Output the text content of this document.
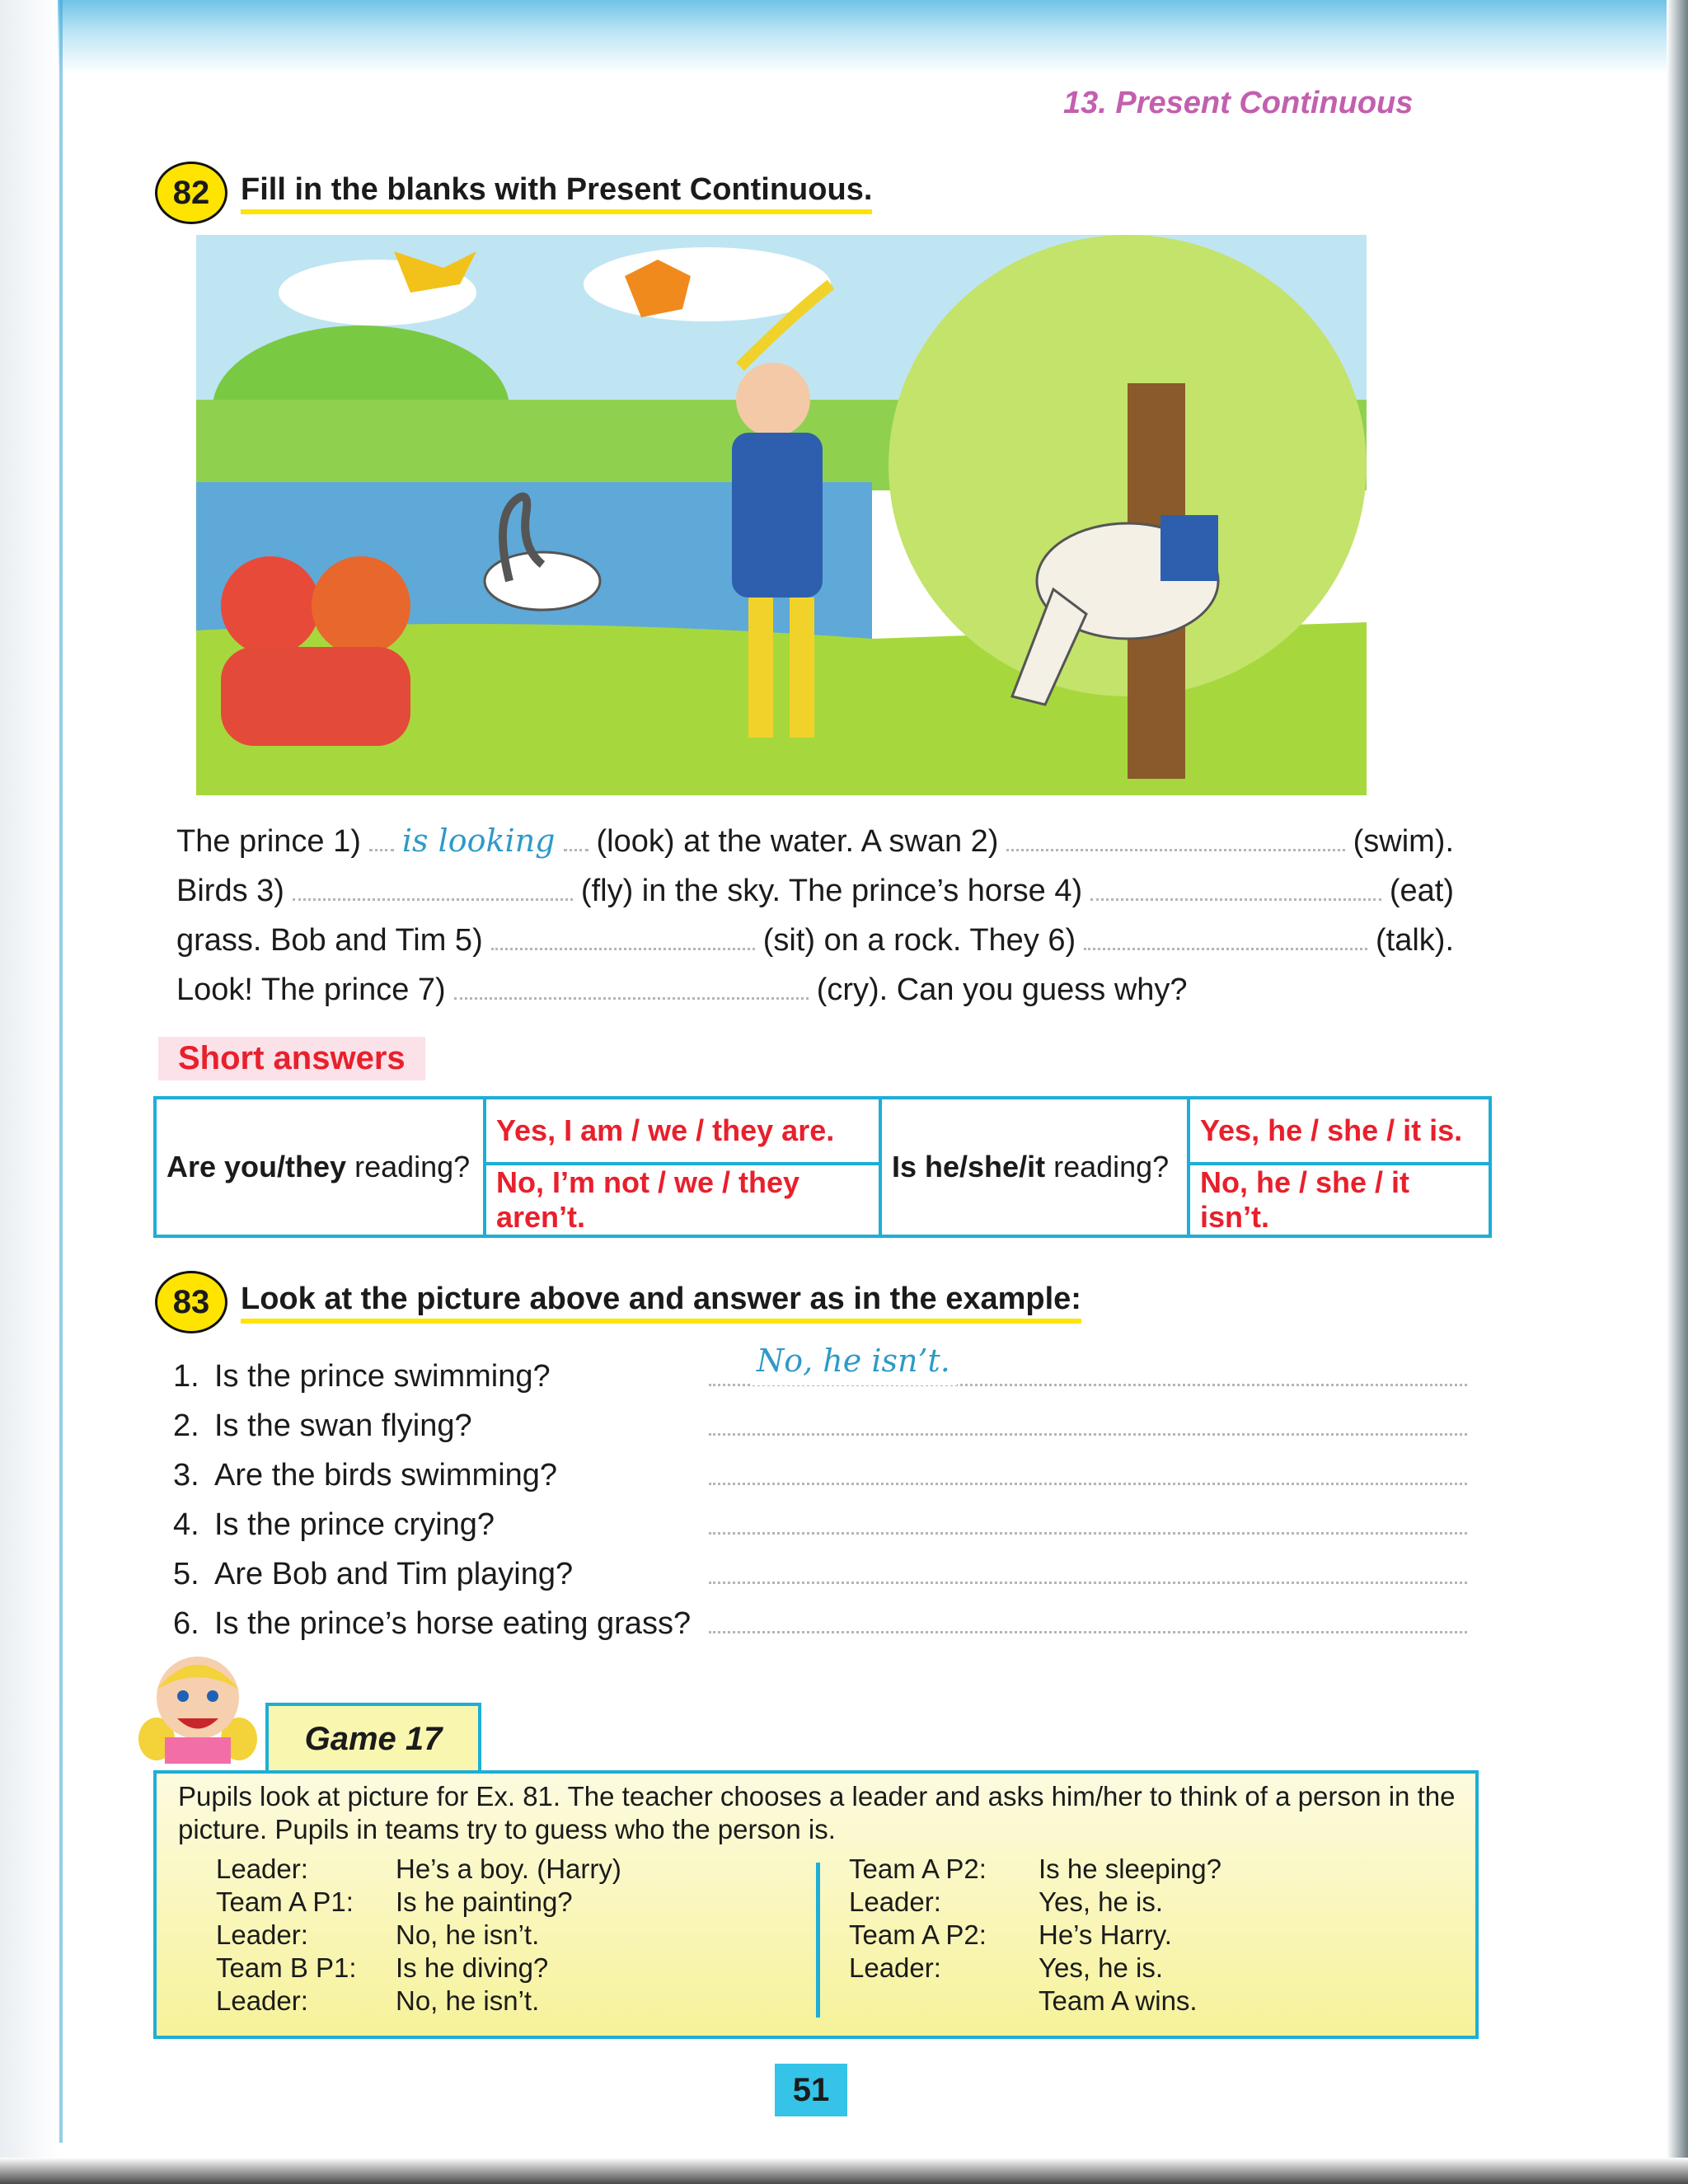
13. Present Continuous
82 Fill in the blanks with Present Continuous.
The prince 1) is looking (look) at the water. A swan 2)	(swim).
Birds 3)	(fly) in the sky. The prince’s horse 4)	(eat)
grass. Bob and Tim 5)	(sit) on a rock. They 6)	(talk).
Look! The prince 7)	(cry). Can you guess why?
Short answers
Are you/they reading?	Yes, I am / we / they are.	Is he/she/it reading?	Yes, he / she / it is.
	No, I’m not / we / they aren’t.		No, he / she / it isn’t.
83 Look at the picture above and answer as in the example:
1. Is the prince swimming?	No, he isn’t.
2. Is the swan flying?
3. Are the birds swimming?
4. Is the prince crying?
5. Are Bob and Tim playing?
6. Is the prince’s horse eating grass?
Game 17
Pupils look at picture for Ex. 81. The teacher chooses a leader and asks him/her to think of a person in the picture. Pupils in teams try to guess who the person is.
Leader:	He’s a boy. (Harry)
Team A P1:	Is he painting?
Leader:	No, he isn’t.
Team B P1:	Is he diving?
Leader:	No, he isn’t.
Team A P2:	Is he sleeping?
Leader:	Yes, he is.
Team A P2:	He’s Harry.
Leader:	Yes, he is.
Team A wins.
51
